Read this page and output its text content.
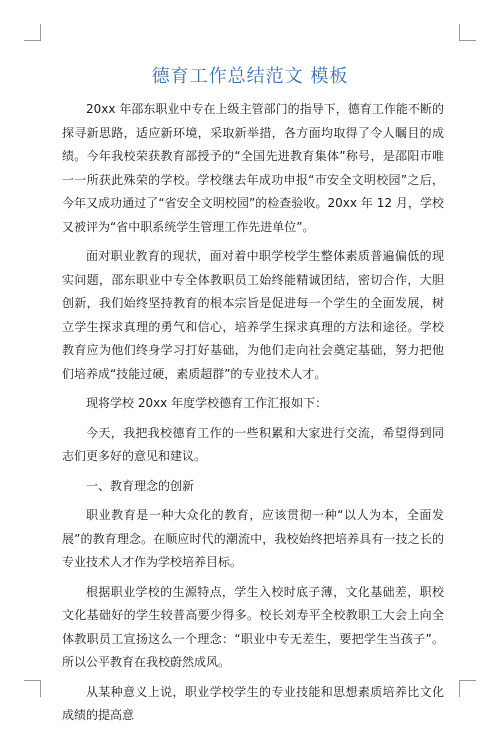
德育工作总结范文 模板

20xx 年邵东职业中专在上级主管部门的指导下，德育工作能不断的探寻新思路，适应新环境，采取新举措，各方面均取得了令人瞩目的成绩。今年我校荣获教育部授予的“全国先进教育集体”称号，是邵阳市唯一一所获此殊荣的学校。学校继去年成功申报“市安全文明校园”之后，今年又成功通过了“省安全文明校园”的检查验收。20xx 年 12 月，学校又被评为“省中职系统学生管理工作先进单位”。

面对职业教育的现状，面对着中职学校学生整体素质普遍偏低的现实问题，邵东职业中专全体教职员工始终能精诚团结，密切合作，大胆创新，我们始终坚持教育的根本宗旨是促进每一个学生的全面发展，树立学生探求真理的勇气和信心，培养学生探求真理的方法和途径。学校教育应为他们终身学习打好基础，为他们走向社会奠定基础，努力把他们培养成“技能过硬，素质超群”的专业技术人才。

现将学校 20xx 年度学校德育工作汇报如下：

今天，我把我校德育工作的一些积累和大家进行交流，希望得到同志们更多好的意见和建议。

一、教育理念的创新

职业教育是一种大众化的教育，应该贯彻一种“以人为本，全面发展”的教育理念。在顺应时代的潮流中，我校始终把培养具有一技之长的专业技术人才作为学校培养目标。

根据职业学校的生源特点，学生入校时底子薄，文化基础差，职校文化基础好的学生较普高要少得多。校长刘寿平全校教职工大会上向全体教职员工宣扬这么一个理念：“职业中专无差生，要把学生当孩子”。所以公平教育在我校蔚然成风。

从某种意义上说，职业学校学生的专业技能和思想素质培养比文化成绩的提高意
